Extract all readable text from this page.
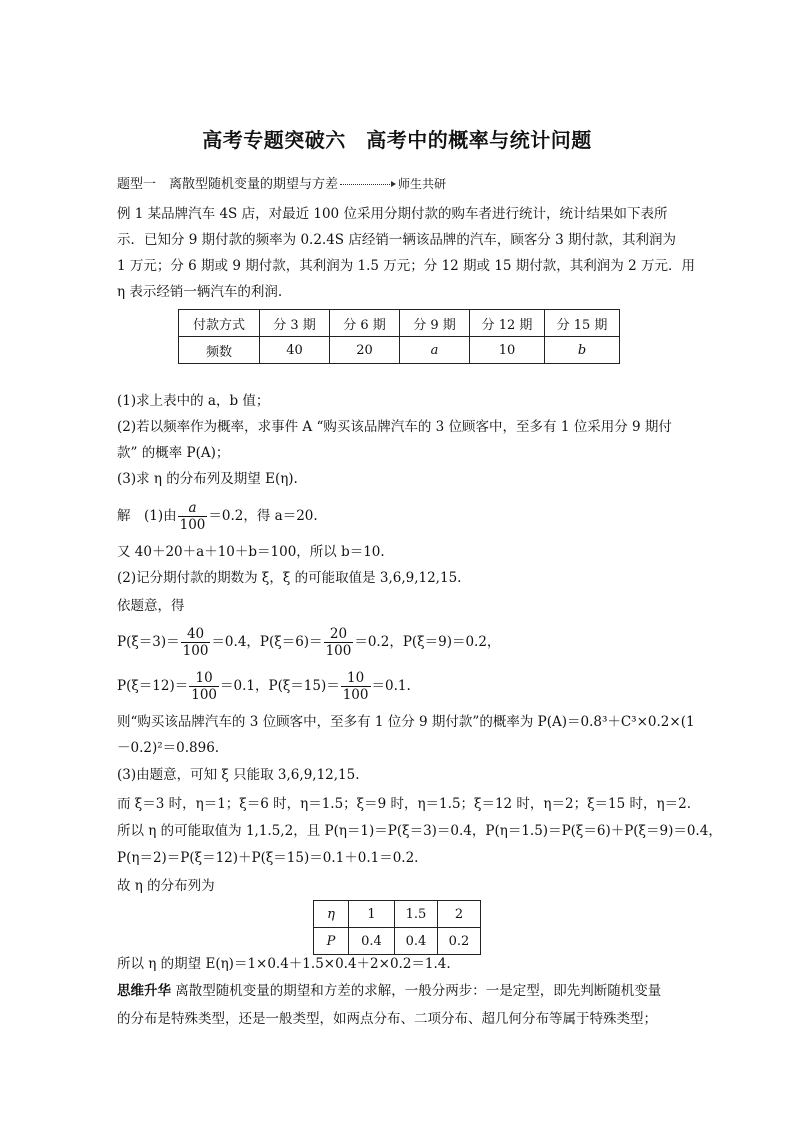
高考专题突破六　高考中的概率与统计问题
题型一　离散型随机变量的期望与方差	师生共研
例 1 某品牌汽车 4S 店，对最近 100 位采用分期付款的购车者进行统计，统计结果如下表所
示．已知分 9 期付款的频率为 0.2.4S 店经销一辆该品牌的汽车，顾客分 3 期付款，其利润为
1 万元；分 6 期或 9 期付款，其利润为 1.5 万元；分 12 期或 15 期付款，其利润为 2 万元．用
η 表示经销一辆汽车的利润.
付款方式	分 3 期	分 6 期	分 9 期	分 12 期	分 15 期
频数	40	20	a	10	b
(1)求上表中的 a，b 值；
(2)若以频率作为概率，求事件 A “购买该品牌汽车的 3 位顾客中，至多有 1 位采用分 9 期付
款” 的概率 P(A)；
(3)求 η 的分布列及期望 E(η).
解　(1)由 $\frac{a}{100} =0.2$，得 a＝20.
又 40＋20＋a＋10＋b＝100，所以 b＝10.
(2)记分期付款的期数为 ξ，ξ 的可能取值是 3,6,9,12,15.
依题意，得
$P(\xi=3)= \frac{40}{100} =0.4$，$P(\xi=6)= \frac{20}{100} =0.2$，P(ξ＝9)＝0.2，
$P(\xi=12)= \frac{10}{100} =0.1$，$P(\xi=15)= \frac{10}{100} =0.1$.
则“购买该品牌汽车的 3 位顾客中，至多有 1 位分 9 期付款”的概率为 P(A)＝0.8³＋C³×0.2×(1
－0.2)²＝0.896.
(3)由题意，可知 ξ 只能取 3,6,9,12,15.
而 ξ＝3 时，η＝1；ξ＝6 时，η＝1.5；ξ＝9 时，η＝1.5；ξ＝12 时，η＝2；ξ＝15 时，η＝2.
所以 η 的可能取值为 1,1.5,2，且 P(η＝1)＝P(ξ＝3)＝0.4，P(η＝1.5)＝P(ξ＝6)＋P(ξ＝9)＝0.4，
P(η＝2)＝P(ξ＝12)＋P(ξ＝15)＝0.1＋0.1＝0.2.
故 η 的分布列为
η	1	1.5	2
P	0.4	0.4	0.2
所以 η 的期望 E(η)＝1×0.4＋1.5×0.4＋2×0.2＝1.4.
思维升华 离散型随机变量的期望和方差的求解，一般分两步：一是定型，即先判断随机变量
的分布是特殊类型，还是一般类型，如两点分布、二项分布、超几何分布等属于特殊类型；
